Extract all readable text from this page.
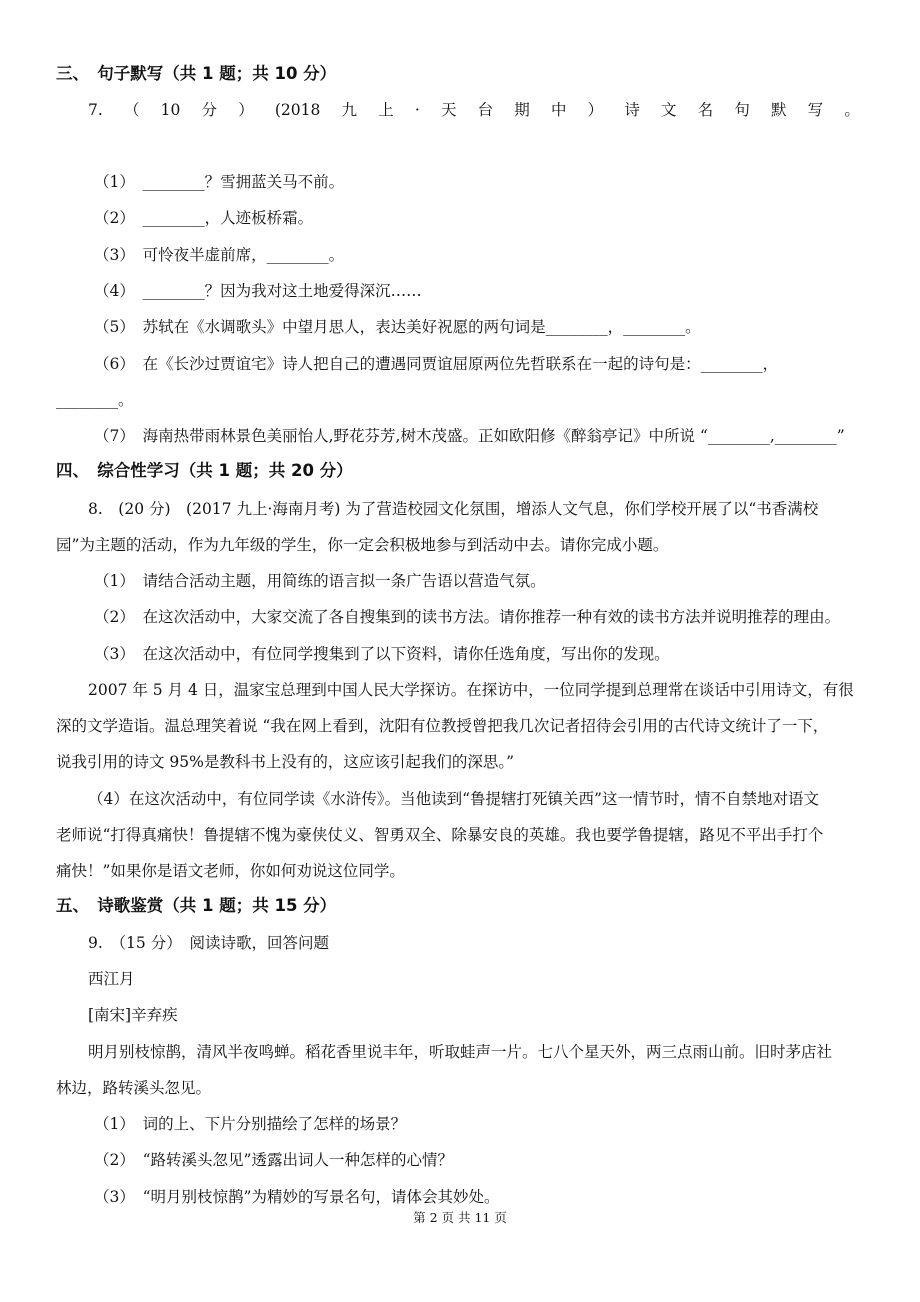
三、　句子默写（共 1 题；共 10 分）
7. （ 10 分 ） (2018 九 上 · 天 台 期 中 ） 诗 文 名 句 默 写 。
（1）　________？雪拥蓝关马不前。
（2）　________，人迹板桥霜。
（3）　可怜夜半虚前席，________。
（4）　________？因为我对这土地爱得深沉……
（5）　苏轼在《水调歌头》中望月思人，表达美好祝愿的两句词是________，________。
（6）　在《长沙过贾谊宅》诗人把自己的遭遇同贾谊屈原两位先哲联系在一起的诗句是：________，
________。
（7）　海南热带雨林景色美丽怡人,野花芬芳,树木茂盛。正如欧阳修《醉翁亭记》中所说 “________,________”
四、　综合性学习（共 1 题；共 20 分）
8.　(20 分)　(2017 九上·海南月考) 为了营造校园文化氛围，增添人文气息，你们学校开展了以“书香满校
园”为主题的活动，作为九年级的学生，你一定会积极地参与到活动中去。请你完成小题。
（1）　请结合活动主题，用简练的语言拟一条广告语以营造气氛。
（2）　在这次活动中，大家交流了各自搜集到的读书方法。请你推荐一种有效的读书方法并说明推荐的理由。
（3）　在这次活动中，有位同学搜集到了以下资料，请你任选角度，写出你的发现。
2007 年 5 月 4 日，温家宝总理到中国人民大学探访。在探访中，一位同学提到总理常在谈话中引用诗文，有很
深的文学造诣。温总理笑着说 “我在网上看到，沈阳有位教授曾把我几次记者招待会引用的古代诗文统计了一下，
说我引用的诗文 95%是教科书上没有的，这应该引起我们的深思。”
（4）在这次活动中，有位同学读《水浒传》。当他读到“鲁提辖打死镇关西”这一情节时，情不自禁地对语文
老师说“打得真痛快！鲁提辖不愧为豪侠仗义、智勇双全、除暴安良的英雄。我也要学鲁提辖，路见不平出手打个
痛快！”如果你是语文老师，你如何劝说这位同学。
五、　诗歌鉴赏（共 1 题；共 15 分）
9.　（15 分）　阅读诗歌，回答问题
西江月
[南宋]辛弃疾
明月别枝惊鹊，清风半夜鸣蝉。稻花香里说丰年，听取蛙声一片。七八个星天外，两三点雨山前。旧时茅店社
林边，路转溪头忽见。
（1）　词的上、下片分别描绘了怎样的场景？
（2）　“路转溪头忽见”透露出词人一种怎样的心情？
（3）　“明月别枝惊鹊”为精妙的写景名句，请体会其妙处。
第 2 页 共 11 页
